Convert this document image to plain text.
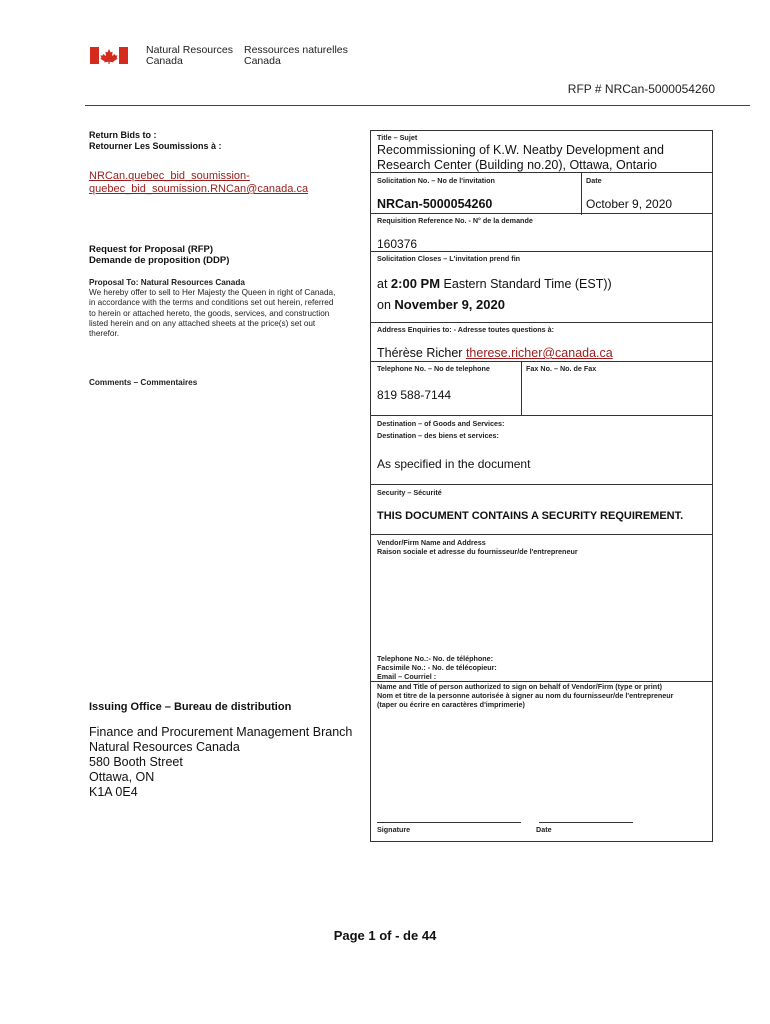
Natural Resources
Canada
Ressources naturelles
Canada
RFP # NRCan-5000054260
Return Bids to :
Retourner Les Soumissions à :
NRCan.quebec_bid_soumission-
quebec_bid_soumission.RNCan@canada.ca
Request for Proposal (RFP)
Demande de proposition (DDP)
Proposal To: Natural Resources Canada
We hereby offer to sell to Her Majesty the Queen in right of Canada,
in accordance with the terms and conditions set out herein, referred
to herein or attached hereto, the goods, services, and construction
listed herein and on any attached sheets at the price(s) set out
therefor.
Comments – Commentaires
Issuing Office – Bureau de distribution
Finance and Procurement Management Branch
Natural Resources Canada
580 Booth Street
Ottawa, ON
K1A 0E4
Title – Sujet
Recommissioning of K.W. Neatby Development and
Research Center (Building no.20), Ottawa, Ontario
Solicitation No. – No de l'invitation	Date
NRCan-5000054260	October 9, 2020
Requisition Reference No. - N° de la demande
160376
Solicitation Closes – L'invitation prend fin
at 2:00 PM Eastern Standard Time (EST))
on November 9, 2020
Address Enquiries to: - Adresse toutes questions à:
Thérèse Richer therese.richer@canada.ca
Telephone No. – No de telephone	Fax No. – No. de Fax
819 588-7144
Destination – of Goods and Services:
Destination – des biens et services:
As specified in the document
Security – Sécurité
THIS DOCUMENT CONTAINS A SECURITY REQUIREMENT.
Vendor/Firm Name and Address
Raison sociale et adresse du fournisseur/de l'entrepreneur
Telephone No.:- No. de téléphone:
Facsimile No.: - No. de télécopieur:
Email – Courriel :
Name and Title of person authorized to sign on behalf of Vendor/Firm (type or print)
Nom et titre de la personne autorisée à signer au nom du fournisseur/de l'entrepreneur
(taper ou écrire en caractères d'imprimerie)
Signature	Date
Page 1 of - de 44
